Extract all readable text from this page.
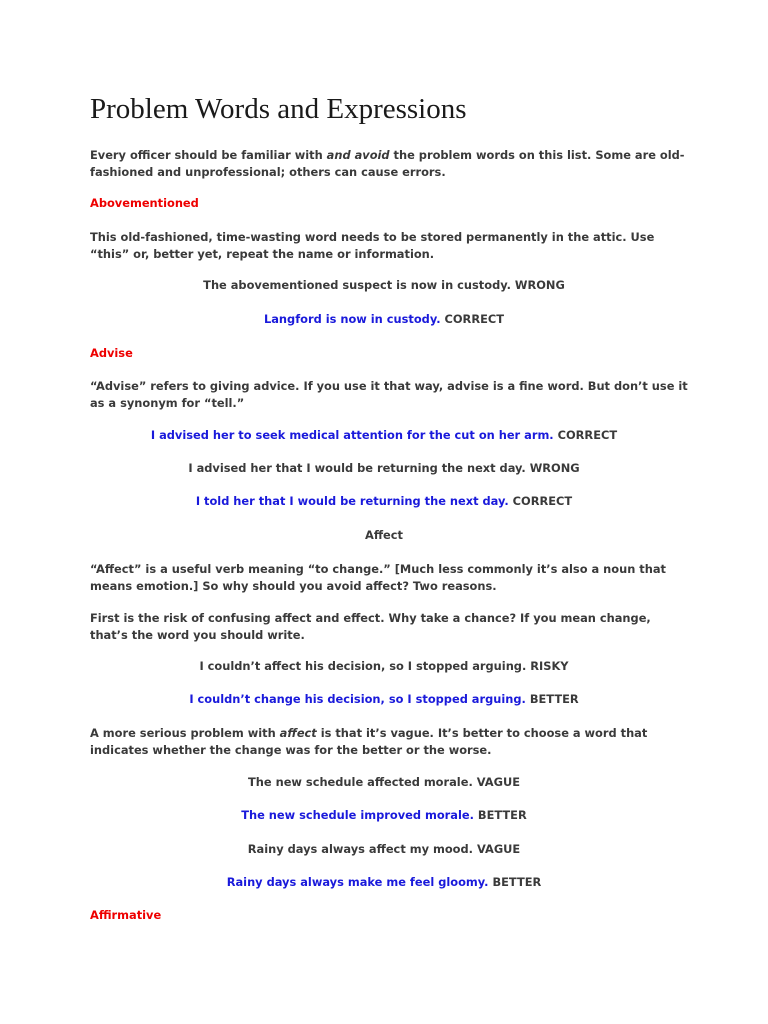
Problem Words and Expressions
Every officer should be familiar with and avoid the problem words on this list. Some are old-fashioned and unprofessional; others can cause errors.
Abovementioned
This old-fashioned, time-wasting word needs to be stored permanently in the attic. Use “this” or, better yet, repeat the name or information.
The abovementioned suspect is now in custody. WRONG
Langford is now in custody. CORRECT
Advise
“Advise” refers to giving advice. If you use it that way, advise is a fine word. But don’t use it as a synonym for “tell.”
I advised her to seek medical attention for the cut on her arm. CORRECT
I advised her that I would be returning the next day. WRONG
I told her that I would be returning the next day. CORRECT
Affect
“Affect” is a useful verb meaning “to change.” [Much less commonly it’s also a noun that means emotion.] So why should you avoid affect? Two reasons.
First is the risk of confusing affect and effect. Why take a chance? If you mean change, that’s the word you should write.
I couldn’t affect his decision, so I stopped arguing. RISKY
I couldn’t change his decision, so I stopped arguing. BETTER
A more serious problem with affect is that it’s vague. It’s better to choose a word that indicates whether the change was for the better or the worse.
The new schedule affected morale. VAGUE
The new schedule improved morale. BETTER
Rainy days always affect my mood. VAGUE
Rainy days always make me feel gloomy. BETTER
Affirmative
